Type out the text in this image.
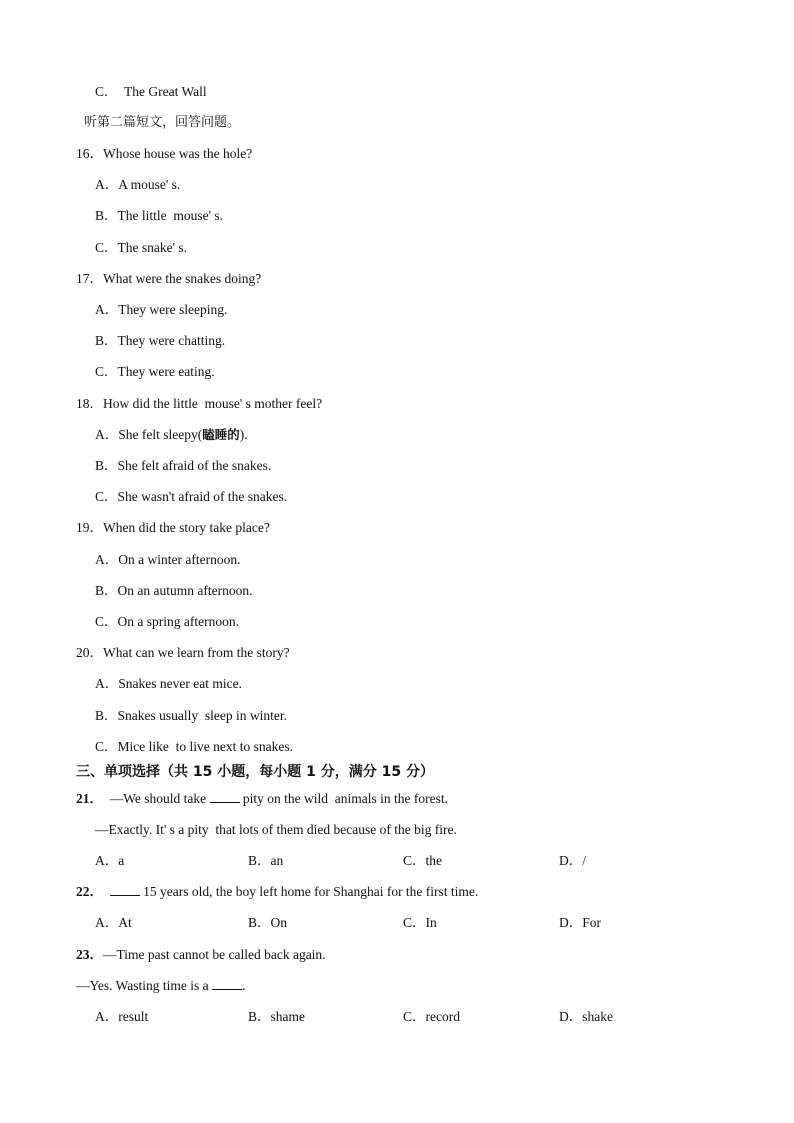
C．  The Great Wall
听第二篇短文，回答问题。
16．Whose house was the hole?
A．A mouse' s.
B．The little  mouse' s.
C．The snake' s.
17．What were the snakes doing?
A．They were sleeping.
B．They were chatting.
C．They were eating.
18．How did the little  mouse' s mother feel?
A．She felt sleepy(瞌睡的).
B．She felt afraid of the snakes.
C．She wasn't afraid of the snakes.
19．When did the story take place?
A．On a winter afternoon.
B．On an autumn afternoon.
C．On a spring afternoon.
20．What can we learn from the story?
A．Snakes never eat mice.
B．Snakes usually  sleep in winter.
C．Mice like  to live next to snakes.
三、单项选择（共 15 小题，每小题 1 分，满分 15 分）
21．  —We should take  pity on the wild  animals in the forest.
—Exactly. It' s a pity  that lots of them died because of the big fire.
A．a	B．an	C．the	D．/
22．	15 years old, the boy left home for Shanghai for the first time.
A．At	B．On	C．In	D．For
23．—Time past cannot be called back again.
—Yes. Wasting time is a .
A．result	B．shame	C．record	D．shake
